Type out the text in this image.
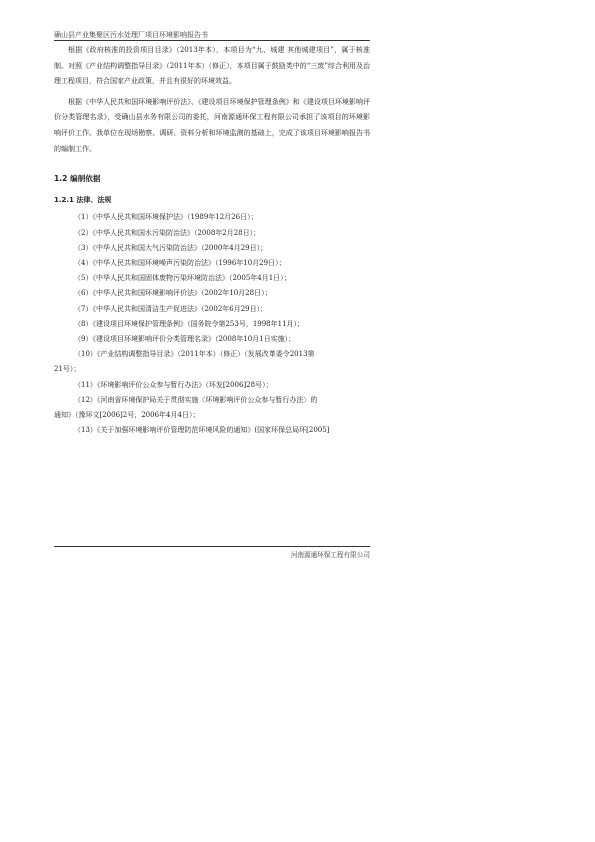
确山县产业集聚区污水处理厂项目环境影响报告书

根据《政府核准的投资项目目录》（2013年本），本项目为“九、城建 其他城建项目”，属于核准制。对照《产业结构调整指导目录》（2011年本）（修正），本项目属于鼓励类中的“三废”综合利用及治理工程项目，符合国家产业政策，并且有很好的环境效益。

根据《中华人民共和国环境影响评价法》、《建设项目环境保护管理条例》和《建设项目环境影响评价分类管理名录》，受确山县水务有限公司的委托，河南源通环保工程有限公司承担了该项目的环境影响评价工作。我单位在现场勘察、调研、资料分析和环境监测的基础上，完成了该项目环境影响报告书的编制工作。

1.2 编制依据
1.2.1 法律、法规
（1）《中华人民共和国环境保护法》（1989年12月26日）；
（2）《中华人民共和国水污染防治法》（2008年2月28日）；
（3）《中华人民共和国大气污染防治法》（2000年4月29日）；
（4）《中华人民共和国环境噪声污染防治法》（1996年10月29日）；
（5）《中华人民共和国固体废物污染环境防治法》（2005年4月1日）；
（6）《中华人民共和国环境影响评价法》（2002年10月28日）；
（7）《中华人民共和国清洁生产促进法》（2002年6月29日）；
（8）《建设项目环境保护管理条例》（国务院令第253号，1998年11月）；
（9）《建设项目环境影响评价分类管理名录》（2008年10月1日实施）；
（10）《产业结构调整指导目录》（2011年本）（修正）（发展改革委令2013第
21号）；
（11）《环境影响评价公众参与暂行办法》（环发[2006]28号）；
（12）《河南省环境保护局关于贯彻实施〈环境影响评价公众参与暂行办法〉的
通知》（豫环文[2006]2号，2006年4月4日）；
（13）《关于加强环境影响评价管理防范环境风险的通知》(国家环保总局环[2005]
河南源通环保工程有限公司
